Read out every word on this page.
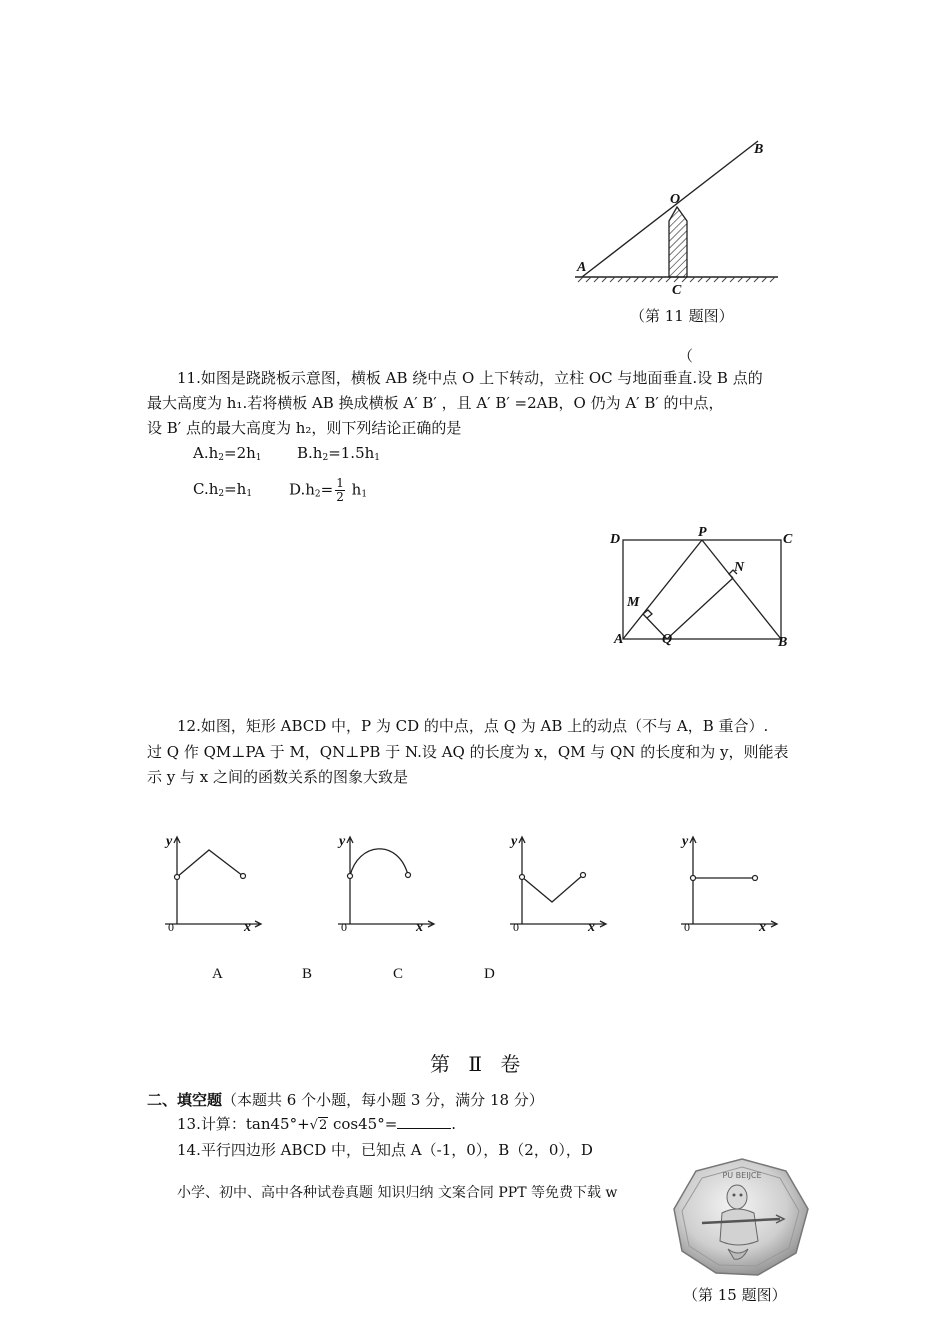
A
B
O
C
（第 11 题图）
（
11.如图是跷跷板示意图，横板 AB 绕中点 O 上下转动，立柱 OC 与地面垂直.设 B 点的
最大高度为 h₁.若将横板 AB 换成横板 A′ B′ ，且 A′ B′ =2AB，O 仍为 A′ B′ 的中点，
设 B′ 点的最大高度为 h₂，则下列结论正确的是
$A.h_2=2h_1$ $B.h_2=1.5h_1$
$C.h_2=h_1$ $D.h_2= \frac{1}{2} h_1$
D	P	C
N
M
A	Q	B
12.如图，矩形 ABCD 中，P 为 CD 的中点，点 Q 为 AB 上的动点（不与 A，B 重合）.
过 Q 作 QM⊥PA 于 M，QN⊥PB 于 N.设 AQ 的长度为 x，QM 与 QN 的长度和为 y，则能表
示 y 与 x 之间的函数关系的图象大致是
y
x
0
y
x
0
y
x
0
y
x
0
A	B	C	D
第 Ⅱ 卷
二、填空题（本题共 6 个小题，每小题 3 分，满分 18 分）
13.计算：tan45°+√2 cos45°=	.
14.平行四边形 ABCD 中，已知点 A（-1，0），B（2，0），D
小学、初中、高中各种试卷真题 知识归纳 文案合同 PPT 等免费下载 w
PU BEIJCE
（第 15 题图）
